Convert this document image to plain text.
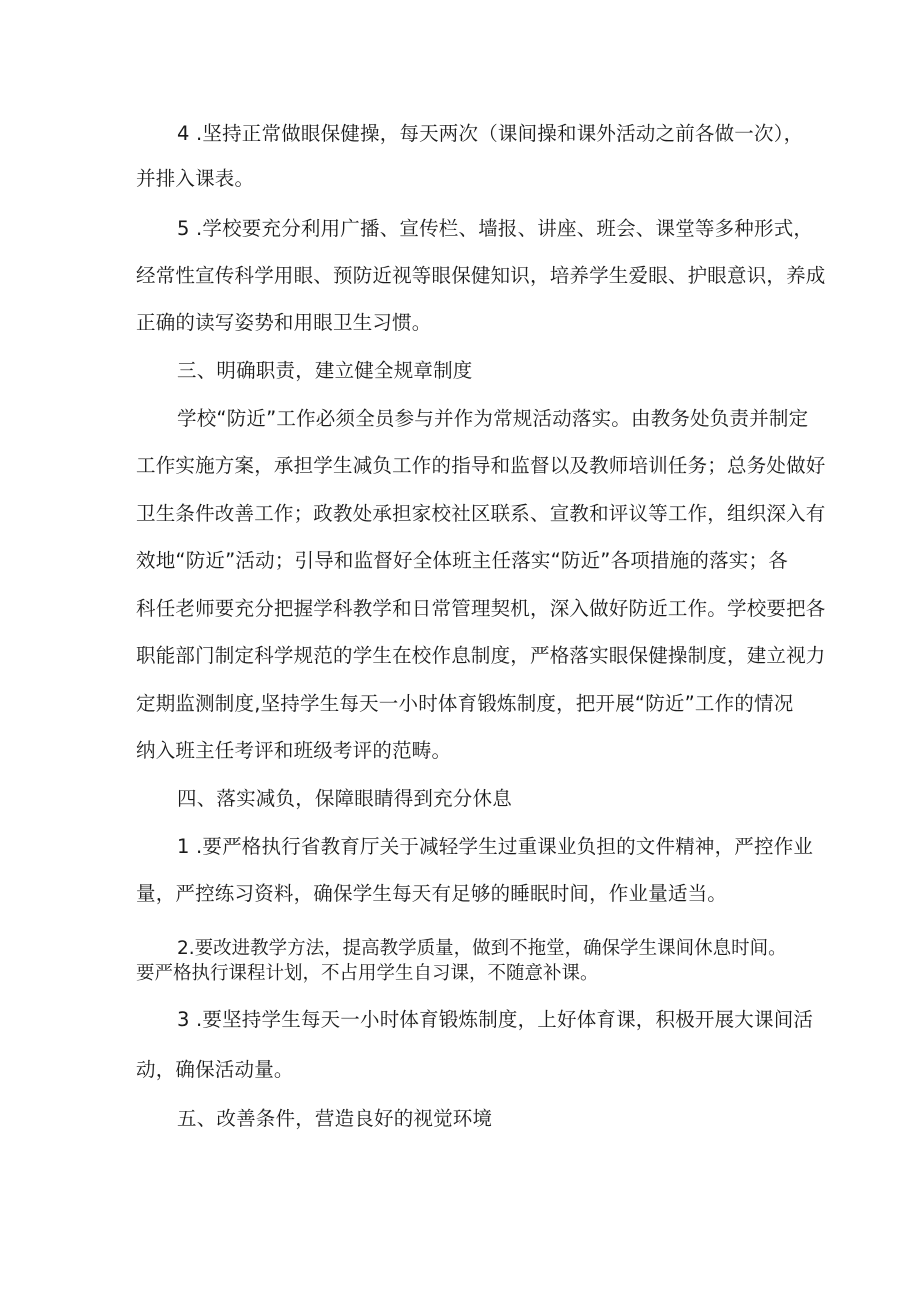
4 .坚持正常做眼保健操，每天两次（课间操和课外活动之前各做一次），

并排入课表。

5 .学校要充分利用广播、宣传栏、墙报、讲座、班会、课堂等多种形式，

经常性宣传科学用眼、预防近视等眼保健知识，培养学生爱眼、护眼意识，养成

正确的读写姿势和用眼卫生习惯。

三、明确职责，建立健全规章制度

学校“防近”工作必须全员参与并作为常规活动落实。由教务处负责并制定

工作实施方案，承担学生减负工作的指导和监督以及教师培训任务；总务处做好

卫生条件改善工作；政教处承担家校社区联系、宣教和评议等工作，组织深入有

效地“防近”活动；引导和监督好全体班主任落实“防近”各项措施的落实；各

科任老师要充分把握学科教学和日常管理契机，深入做好防近工作。学校要把各

职能部门制定科学规范的学生在校作息制度，严格落实眼保健操制度，建立视力

定期监测制度,坚持学生每天一小时体育锻炼制度，把开展“防近”工作的情况

纳入班主任考评和班级考评的范畴。

四、落实减负，保障眼睛得到充分休息

1 .要严格执行省教育厅关于减轻学生过重课业负担的文件精神，严控作业

量，严控练习资料，确保学生每天有足够的睡眠时间，作业量适当。

2.要改进教学方法，提高教学质量，做到不拖堂，确保学生课间休息时间。

要严格执行课程计划，不占用学生自习课，不随意补课。

3 .要坚持学生每天一小时体育锻炼制度，上好体育课，积极开展大课间活

动，确保活动量。

五、改善条件，营造良好的视觉环境
